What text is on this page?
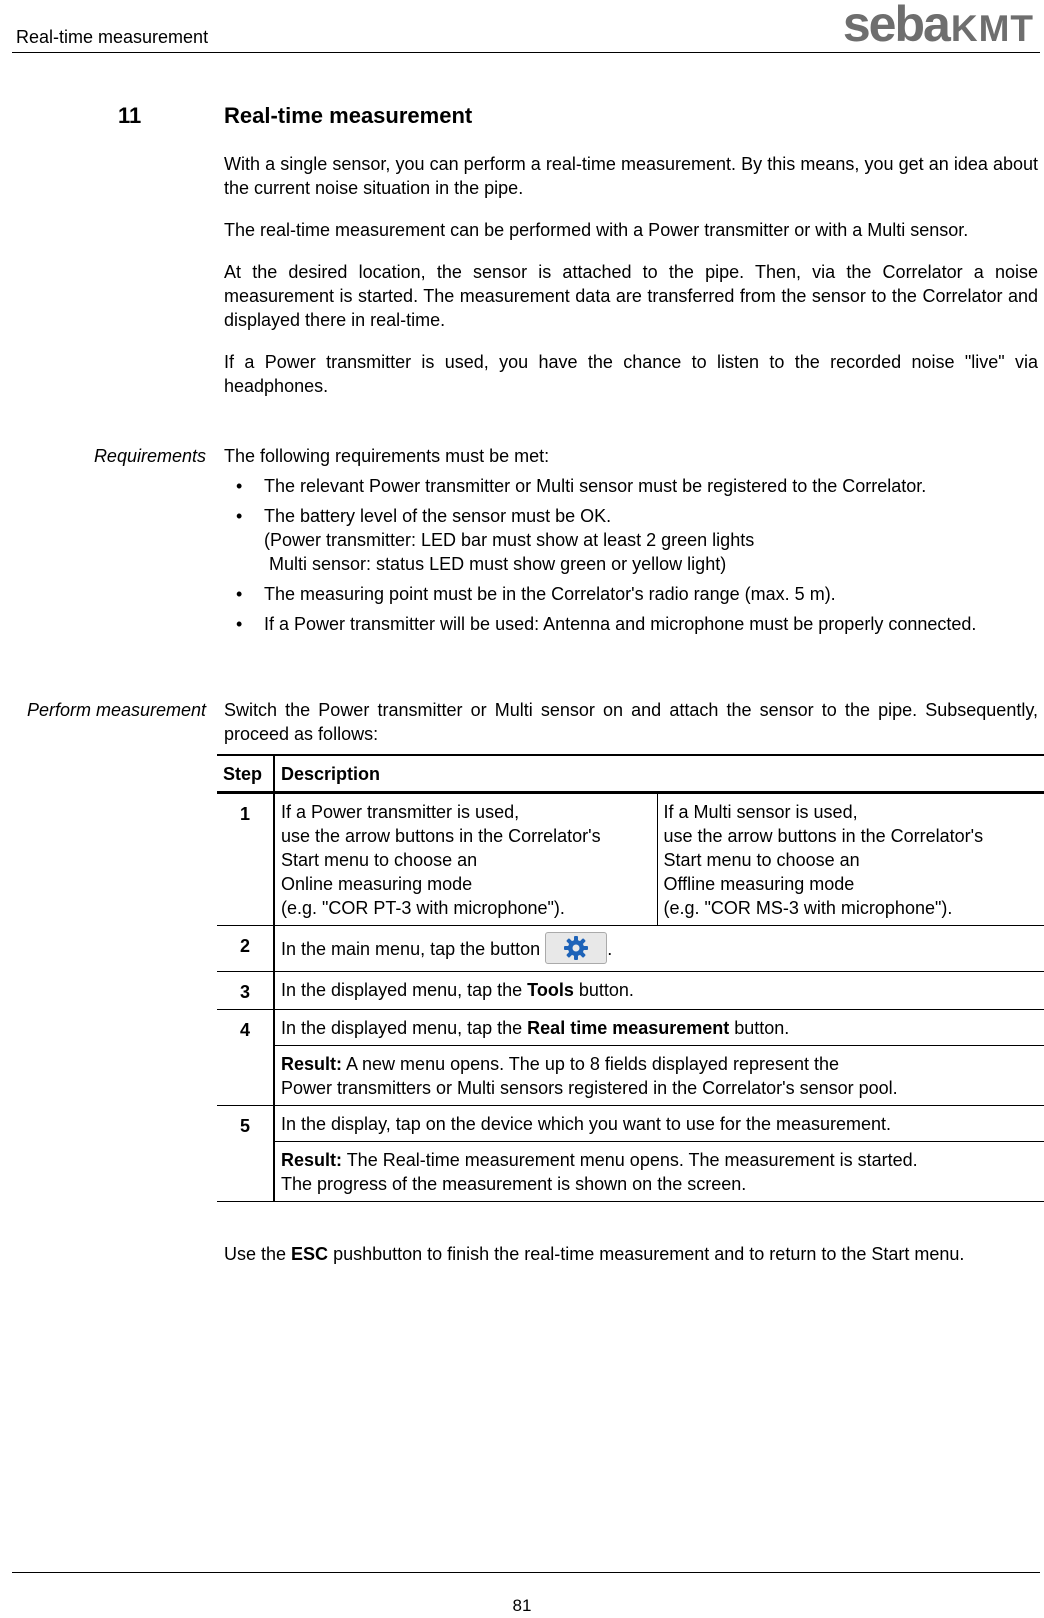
Real-time measurement	sebaKMT
11	Real-time measurement

With a single sensor, you can perform a real-time measurement. By this means, you get an idea about the current noise situation in the pipe.

The real-time measurement can be performed with a Power transmitter or with a Multi sensor.

At the desired location, the sensor is attached to the pipe. Then, via the Correlator a noise measurement is started. The measurement data are transferred from the sensor to the Correlator and displayed there in real-time.

If a Power transmitter is used, you have the chance to listen to the recorded noise "live" via headphones.

Requirements The following requirements must be met:

• The relevant Power transmitter or Multi sensor must be registered to the Correlator.
• The battery level of the sensor must be OK.
(Power transmitter: LED bar must show at least 2 green lights
Multi sensor: status LED must show green or yellow light)
• The measuring point must be in the Correlator's radio range (max. 5 m).
• If a Power transmitter will be used: Antenna and microphone must be properly connected.
Perform measurement Switch the Power transmitter or Multi sensor on and attach the sensor to the pipe. Subsequently, proceed as follows:

Step	Description	
1	If a Power transmitter is used,
use the arrow buttons in the Correlator's
Start menu to choose an
Online measuring mode
(e.g. "COR PT-3 with microphone").	If a Multi sensor is used,
use the arrow buttons in the Correlator's
Start menu to choose an
Offline measuring mode
(e.g. "COR MS-3 with microphone").
2	In the main menu, tap the button .	
3	In the displayed menu, tap the Tools button.	
4	In the displayed menu, tap the Real time measurement button.	
	Result: A new menu opens. The up to 8 fields displayed represent the
Power transmitters or Multi sensors registered in the Correlator's sensor pool.	
5	In the display, tap on the device which you want to use for the measurement.	
	Result: The Real-time measurement menu opens. The measurement is started.
The progress of the measurement is shown on the screen.	

Use the ESC pushbutton to finish the real-time measurement and to return to the Start menu.

81
